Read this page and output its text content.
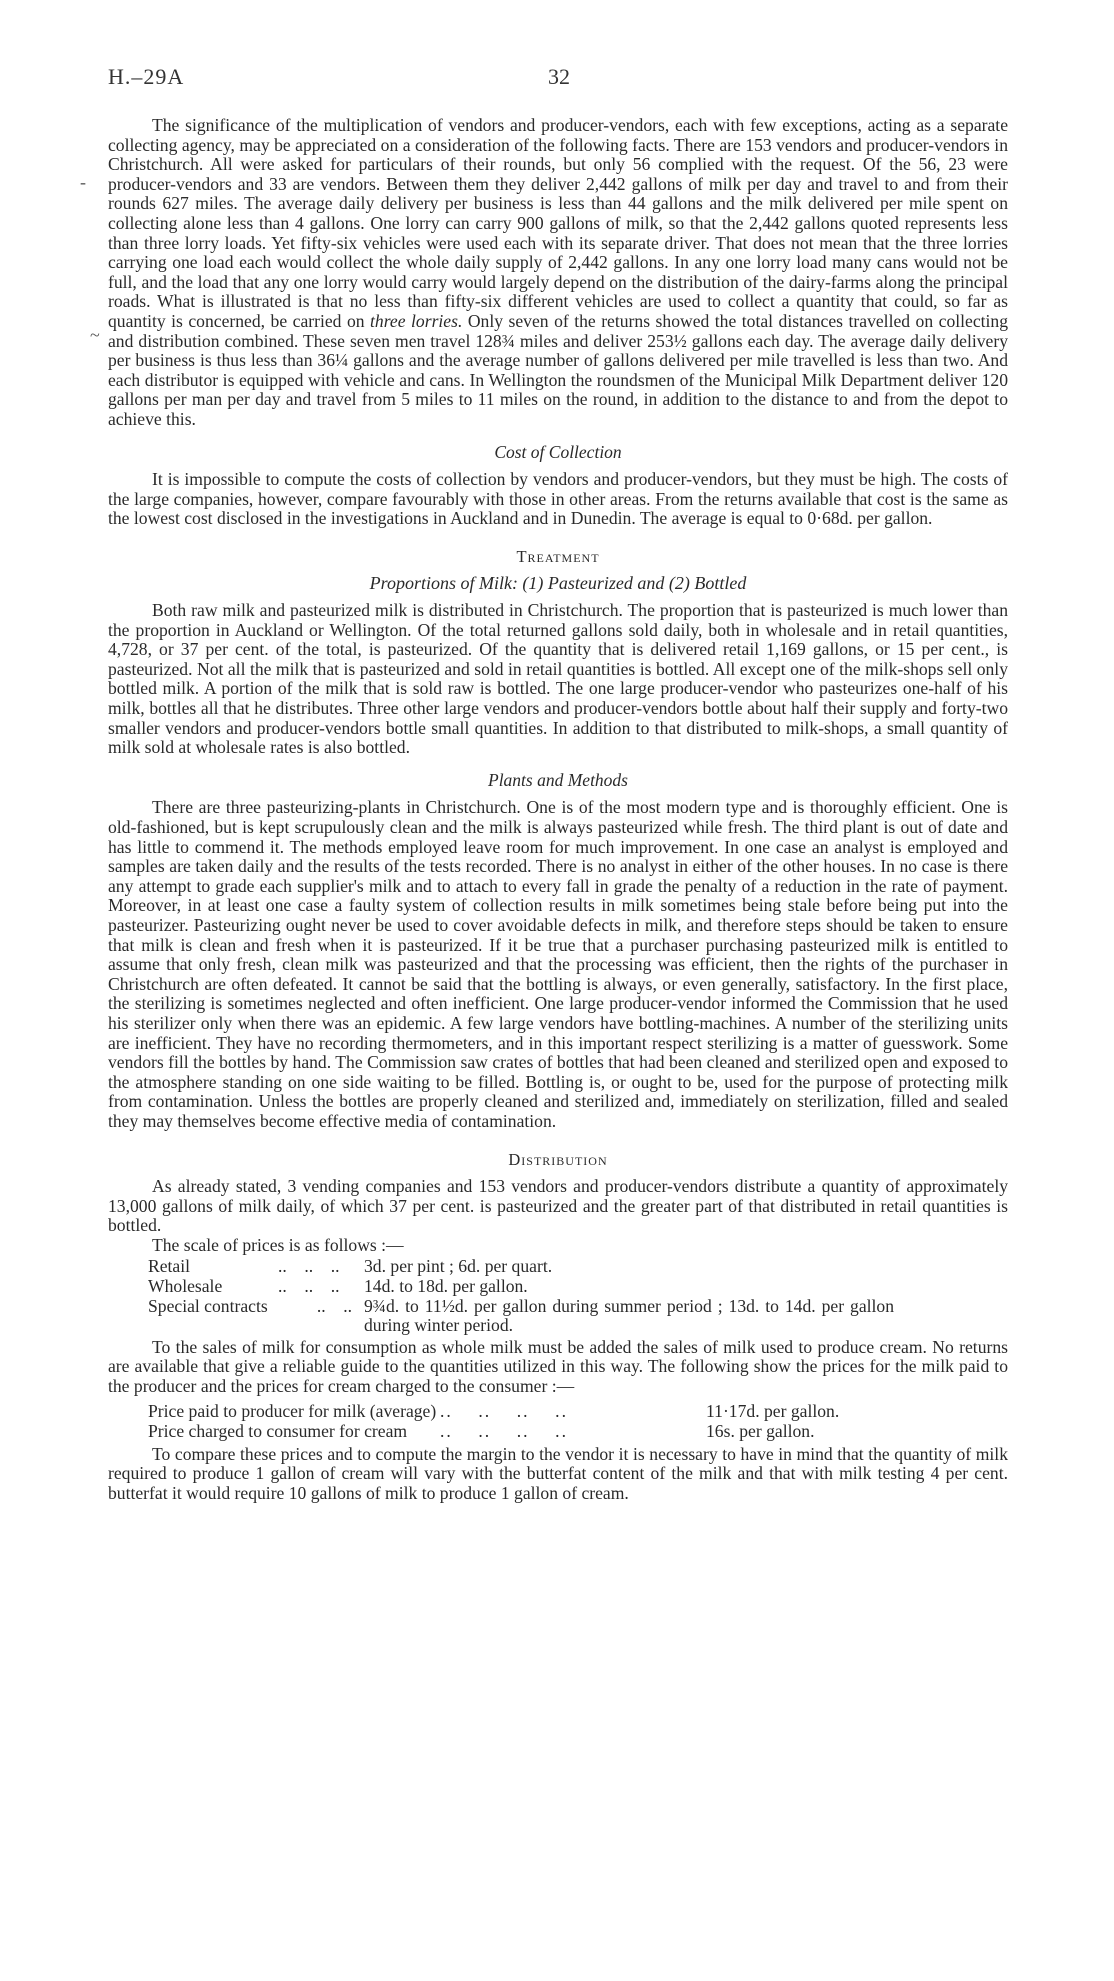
H.–29A	32
-
~

The significance of the multiplication of vendors and producer-vendors, each with few exceptions, acting as a separate collecting agency, may be appreciated on a consideration of the following facts. There are 153 vendors and producer-vendors in Christchurch. All were asked for particulars of their rounds, but only 56 complied with the request. Of the 56, 23 were producer-vendors and 33 are vendors. Between them they deliver 2,442 gallons of milk per day and travel to and from their rounds 627 miles. The average daily delivery per business is less than 44 gallons and the milk delivered per mile spent on collecting alone less than 4 gallons. One lorry can carry 900 gallons of milk, so that the 2,442 gallons quoted represents less than three lorry loads. Yet fifty-six vehicles were used each with its separate driver. That does not mean that the three lorries carrying one load each would collect the whole daily supply of 2,442 gallons. In any one lorry load many cans would not be full, and the load that any one lorry would carry would largely depend on the distribution of the dairy-farms along the principal roads. What is illustrated is that no less than fifty-six different vehicles are used to collect a quantity that could, so far as quantity is concerned, be carried on three lorries. Only seven of the returns showed the total distances travelled on collecting and distribution combined. These seven men travel 128¾ miles and deliver 253½ gallons each day. The average daily delivery per business is thus less than 36¼ gallons and the average number of gallons delivered per mile travelled is less than two. And each distributor is equipped with vehicle and cans. In Wellington the roundsmen of the Municipal Milk Department deliver 120 gallons per man per day and travel from 5 miles to 11 miles on the round, in addition to the distance to and from the depot to achieve this.

Cost of Collection

It is impossible to compute the costs of collection by vendors and producer-vendors, but they must be high. The costs of the large companies, however, compare favourably with those in other areas. From the returns available that cost is the same as the lowest cost disclosed in the investigations in Auckland and in Dunedin. The average is equal to 0·68d. per gallon.

Treatment
Proportions of Milk: (1) Pasteurized and (2) Bottled

Both raw milk and pasteurized milk is distributed in Christchurch. The proportion that is pasteurized is much lower than the proportion in Auckland or Wellington. Of the total returned gallons sold daily, both in wholesale and in retail quantities, 4,728, or 37 per cent. of the total, is pasteurized. Of the quantity that is delivered retail 1,169 gallons, or 15 per cent., is pasteurized. Not all the milk that is pasteurized and sold in retail quantities is bottled. All except one of the milk-shops sell only bottled milk. A portion of the milk that is sold raw is bottled. The one large producer-vendor who pasteurizes one-half of his milk, bottles all that he distributes. Three other large vendors and producer-vendors bottle about half their supply and forty-two smaller vendors and producer-vendors bottle small quantities. In addition to that distributed to milk-shops, a small quantity of milk sold at wholesale rates is also bottled.

Plants and Methods

There are three pasteurizing-plants in Christchurch. One is of the most modern type and is thoroughly efficient. One is old-fashioned, but is kept scrupulously clean and the milk is always pasteurized while fresh. The third plant is out of date and has little to commend it. The methods employed leave room for much improvement. In one case an analyst is employed and samples are taken daily and the results of the tests recorded. There is no analyst in either of the other houses. In no case is there any attempt to grade each supplier's milk and to attach to every fall in grade the penalty of a reduction in the rate of payment. Moreover, in at least one case a faulty system of collection results in milk sometimes being stale before being put into the pasteurizer. Pasteurizing ought never be used to cover avoidable defects in milk, and therefore steps should be taken to ensure that milk is clean and fresh when it is pasteurized. If it be true that a purchaser purchasing pasteurized milk is entitled to assume that only fresh, clean milk was pasteurized and that the processing was efficient, then the rights of the purchaser in Christchurch are often defeated. It cannot be said that the bottling is always, or even generally, satisfactory. In the first place, the sterilizing is sometimes neglected and often inefficient. One large producer-vendor informed the Commission that he used his sterilizer only when there was an epidemic. A few large vendors have bottling-machines. A number of the sterilizing units are inefficient. They have no recording thermometers, and in this important respect sterilizing is a matter of guesswork. Some vendors fill the bottles by hand. The Commission saw crates of bottles that had been cleaned and sterilized open and exposed to the atmosphere standing on one side waiting to be filled. Bottling is, or ought to be, used for the purpose of protecting milk from contamination. Unless the bottles are properly cleaned and sterilized and, immediately on sterilization, filled and sealed they may themselves become effective media of contamination.

Distribution

As already stated, 3 vending companies and 153 vendors and producer-vendors distribute a quantity of approximately 13,000 gallons of milk daily, of which 37 per cent. is pasteurized and the greater part of that distributed in retail quantities is bottled.

The scale of prices is as follows :—

Retail	..    ..    ..	3d. per pint ; 6d. per quart.
Wholesale	..    ..    ..	14d. to 18d. per gallon.
Special contracts	..    ..	9¾d. to 11½d. per gallon during summer period ; 13d. to 14d. per gallon during winter period.

To the sales of milk for consumption as whole milk must be added the sales of milk used to produce cream. No returns are available that give a reliable guide to the quantities utilized in this way. The following show the prices for the milk paid to the producer and the prices for cream charged to the consumer :—

Price paid to producer for milk (average)	..    ..    ..    ..	11·17d. per gallon.
Price charged to consumer for cream	..    ..    ..    ..	16s. per gallon.

To compare these prices and to compute the margin to the vendor it is necessary to have in mind that the quantity of milk required to produce 1 gallon of cream will vary with the butterfat content of the milk and that with milk testing 4 per cent. butterfat it would require 10 gallons of milk to produce 1 gallon of cream.
